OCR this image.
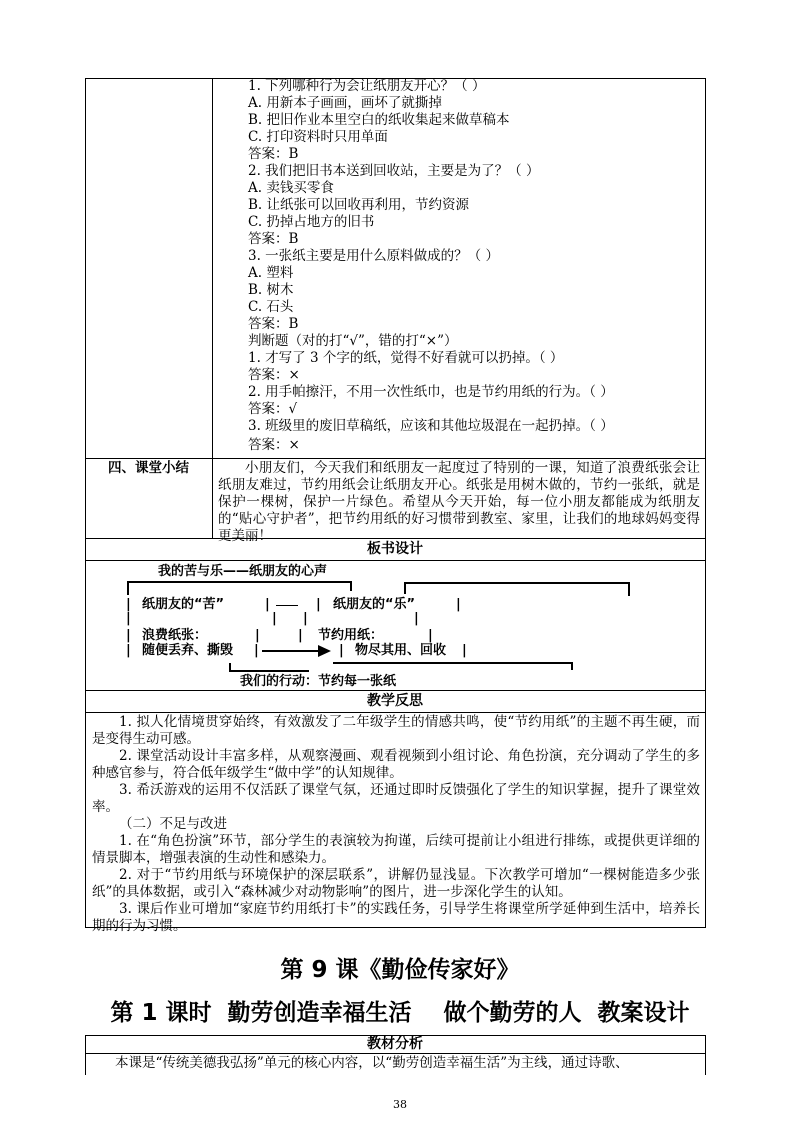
1. 下列哪种行为会让纸朋友开心？（ ）
A. 用新本子画画，画坏了就撕掉
B. 把旧作业本里空白的纸收集起来做草稿本
C. 打印资料时只用单面
答案：B
2. 我们把旧书本送到回收站，主要是为了？（ ）
A. 卖钱买零食
B. 让纸张可以回收再利用，节约资源
C. 扔掉占地方的旧书
答案：B
3. 一张纸主要是用什么原料做成的？（ ）
A. 塑料
B. 树木
C. 石头
答案：B
判断题（对的打“√”，错的打“×”）
1. 才写了 3 个字的纸，觉得不好看就可以扔掉。（ ）
答案：×
2. 用手帕擦汗，不用一次性纸巾，也是节约用纸的行为。（ ）
答案：√
3. 班级里的废旧草稿纸，应该和其他垃圾混在一起扔掉。（ ）
答案：×
四、课堂小结	小朋友们，今天我们和纸朋友一起度过了特别的一课，知道了浪费纸张会让纸朋友难过，节约用纸会让纸朋友开心。纸张是用树木做的，节约一张纸，就是保护一棵树，保护一片绿色。希望从今天开始，每一位小朋友都能成为纸朋友的“贴心守护者”，把节约用纸的好习惯带到教室、家里，让我们的地球妈妈变得更美丽！
板书设计
我的苦与乐——纸朋友的心声
| 纸朋友的“苦”	|	| 纸朋友的“乐”	|
|	| |	|
| 浪费纸张：	|	| 节约用纸：	|
| 随便丢弃、撕毁 |	| 物尽其用、回收 |
我们的行动：节约每一张纸
教学反思

1. 拟人化情境贯穿始终，有效激发了二年级学生的情感共鸣，使“节约用纸”的主题不再生硬，而是变得生动可感。

2. 课堂活动设计丰富多样，从观察漫画、观看视频到小组讨论、角色扮演，充分调动了学生的多种感官参与，符合低年级学生“做中学”的认知规律。

3. 希沃游戏的运用不仅活跃了课堂气氛，还通过即时反馈强化了学生的知识掌握，提升了课堂效率。

（二）不足与改进

1. 在“角色扮演”环节，部分学生的表演较为拘谨，后续可提前让小组进行排练，或提供更详细的情景脚本，增强表演的生动性和感染力。

2. 对于“节约用纸与环境保护的深层联系”，讲解仍显浅显。下次教学可增加“一棵树能造多少张纸”的具体数据，或引入“森林减少对动物影响”的图片，进一步深化学生的认知。

3. 课后作业可增加“家庭节约用纸打卡”的实践任务，引导学生将课堂所学延伸到生活中，培养长期的行为习惯。

第 9 课《勤俭传家好》
第 1 课时  勤劳创造幸福生活    做个勤劳的人  教案设计
教材分析
本课是“传统美德我弘扬”单元的核心内容，以“勤劳创造幸福生活”为主线，通过诗歌、
38
